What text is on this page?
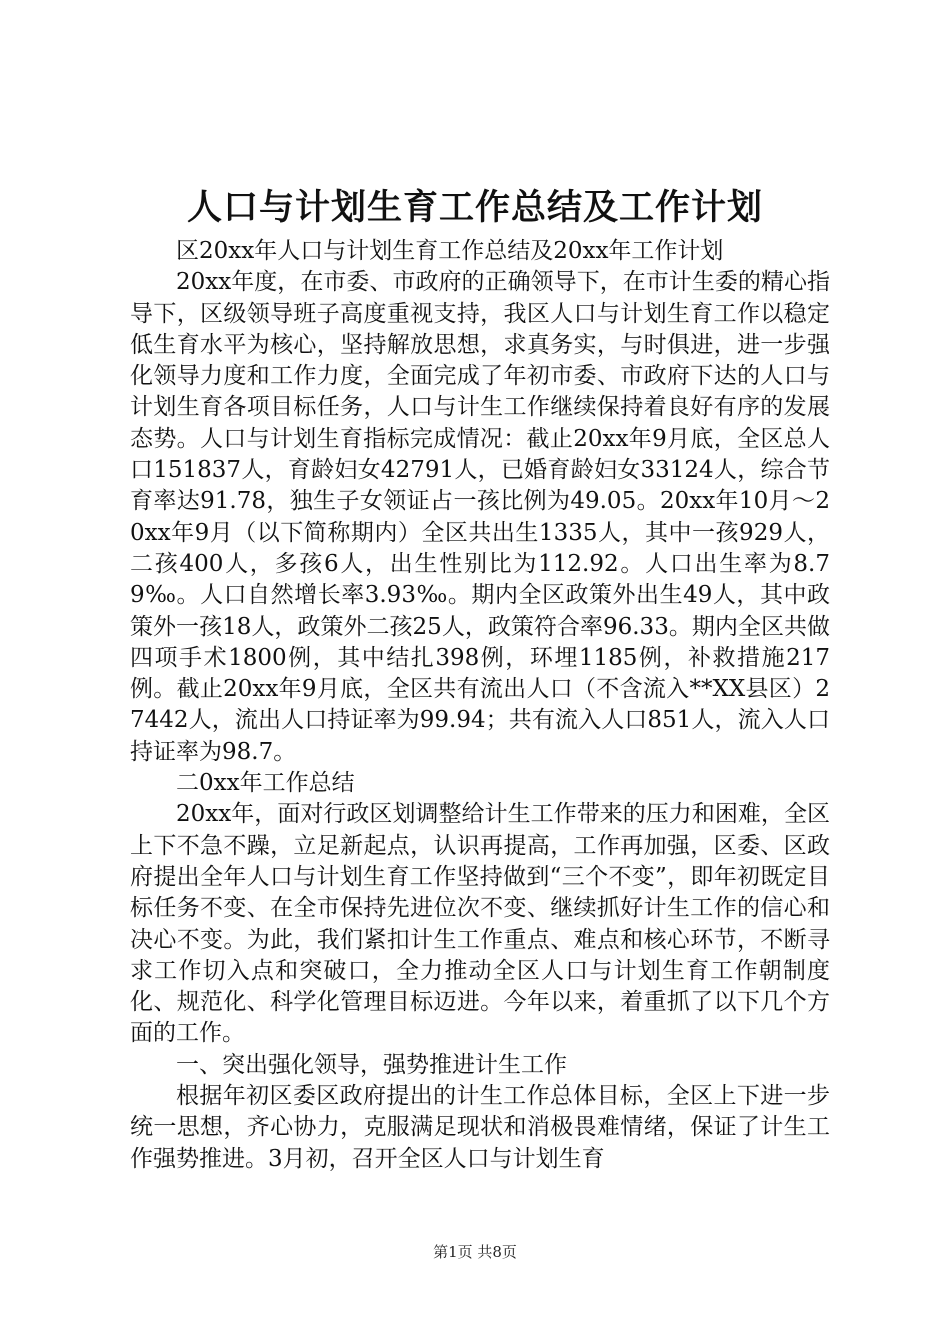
人口与计划生育工作总结及工作计划

区20xx年人口与计划生育工作总结及20xx年工作计划

20xx年度，在市委、市政府的正确领导下，在市计生委的精心指导下，区级领导班子高度重视支持，我区人口与计划生育工作以稳定低生育水平为核心，坚持解放思想，求真务实，与时俱进，进一步强化领导力度和工作力度，全面完成了年初市委、市政府下达的人口与计划生育各项目标任务，人口与计生工作继续保持着良好有序的发展态势。人口与计划生育指标完成情况：截止20xx年9月底，全区总人口151837人，育龄妇女42791人，已婚育龄妇女33124人，综合节育率达91.78，独生子女领证占一孩比例为49.05。20xx年10月～20xx年9月（以下简称期内）全区共出生1335人，其中一孩929人，二孩400人，多孩6人，出生性别比为112.92。人口出生率为8.79‰。人口自然增长率3.93‰。期内全区政策外出生49人，其中政策外一孩18人，政策外二孩25人，政策符合率96.33。期内全区共做四项手术1800例，其中结扎398例，环埋1185例，补救措施217例。截止20xx年9月底，全区共有流出人口（不含流入**XX县区）27442人，流出人口持证率为99.94；共有流入人口851人，流入人口持证率为98.7。

二0xx年工作总结

20xx年，面对行政区划调整给计生工作带来的压力和困难，全区上下不急不躁，立足新起点，认识再提高，工作再加强，区委、区政府提出全年人口与计划生育工作坚持做到“三个不变”，即年初既定目标任务不变、在全市保持先进位次不变、继续抓好计生工作的信心和决心不变。为此，我们紧扣计生工作重点、难点和核心环节，不断寻求工作切入点和突破口，全力推动全区人口与计划生育工作朝制度化、规范化、科学化管理目标迈进。今年以来，着重抓了以下几个方面的工作。

一、突出强化领导，强势推进计生工作

根据年初区委区政府提出的计生工作总体目标，全区上下进一步统一思想，齐心协力，克服满足现状和消极畏难情绪，保证了计生工作强势推进。3月初，召开全区人口与计划生育

第1页 共8页
